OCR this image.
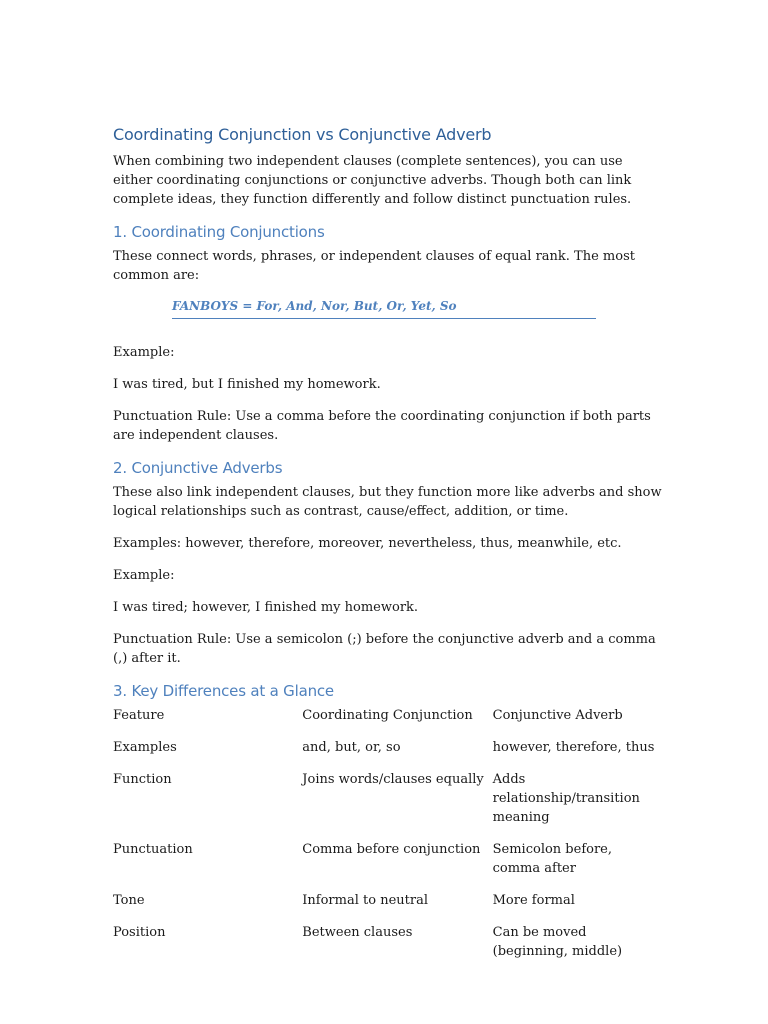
Coordinating Conjunction vs Conjunctive Adverb

When combining two independent clauses (complete sentences), you can use either coordinating conjunctions or conjunctive adverbs. Though both can link complete ideas, they function differently and follow distinct punctuation rules.

1. Coordinating Conjunctions

These connect words, phrases, or independent clauses of equal rank. The most common are:

FANBOYS = For, And, Nor, But, Or, Yet, So

Example:

I was tired, but I finished my homework.

Punctuation Rule: Use a comma before the coordinating conjunction if both parts are independent clauses.

2. Conjunctive Adverbs

These also link independent clauses, but they function more like adverbs and show logical relationships such as contrast, cause/effect, addition, or time.

Examples: however, therefore, moreover, nevertheless, thus, meanwhile, etc.

Example:

I was tired; however, I finished my homework.

Punctuation Rule: Use a semicolon (;) before the conjunctive adverb and a comma (,) after it.

3. Key Differences at a Glance
Feature	Coordinating Conjunction	Conjunctive Adverb
Examples	and, but, or, so	however, therefore, thus
Function	Joins words/clauses equally	Adds relationship/transition meaning
Punctuation	Comma before conjunction	Semicolon before, comma after
Tone	Informal to neutral	More formal
Position	Between clauses	Can be moved (beginning, middle)
